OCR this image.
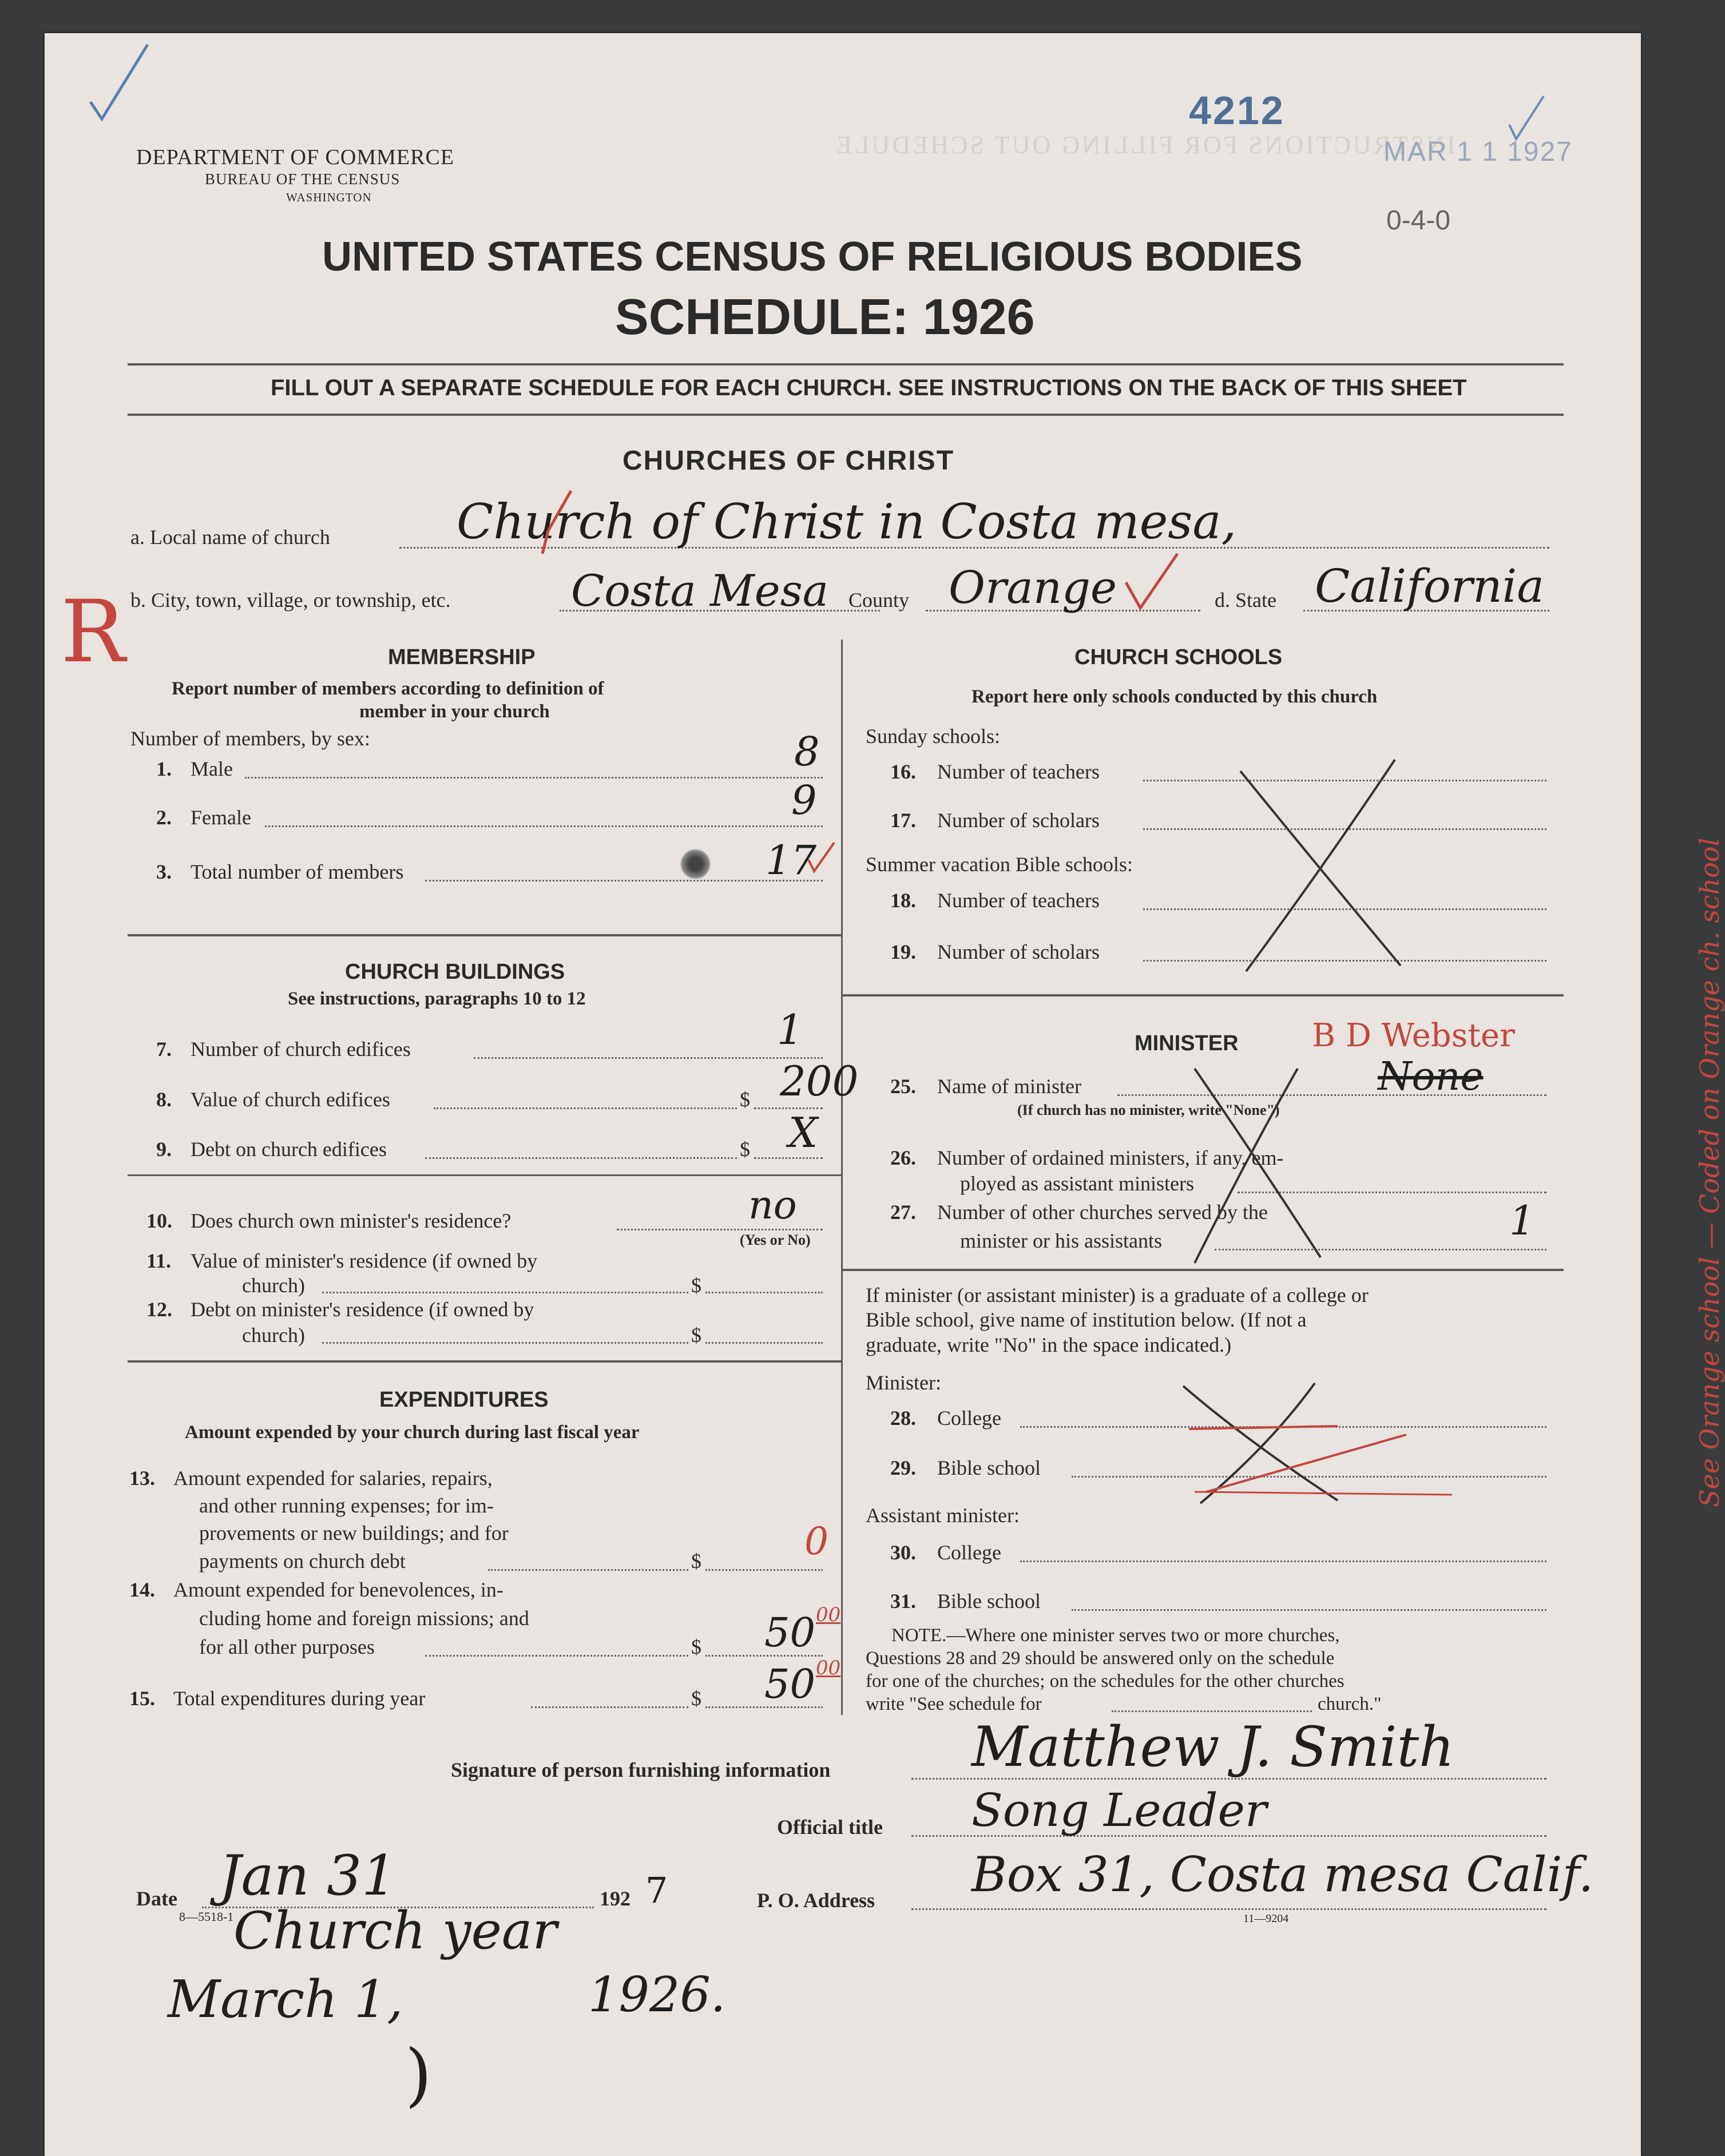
INSTRUCTIONS FOR FILLING OUT SCHEDULE
DEPARTMENT OF COMMERCE
BUREAU OF THE CENSUS
WASHINGTON
4212
MAR 1 1 1927
0-4-0
UNITED STATES CENSUS OF RELIGIOUS BODIES
SCHEDULE: 1926
FILL OUT A SEPARATE SCHEDULE FOR EACH CHURCH. SEE INSTRUCTIONS ON THE BACK OF THIS SHEET
CHURCHES OF CHRIST
a. Local name of church	Church of Christ in Costa mesa,
R b. City, town, village, or township, etc.	Costa Mesa County Orange	d. State California
MEMBERSHIP
Report number of members according to definition of
member in your church
Number of members, by sex:
1. Male	8
2. Female	9
3. Total number of members	17
CHURCH BUILDINGS
See instructions, paragraphs 10 to 12
7. Number of church edifices	1
8. Value of church edifices	$ 200
9. Debt on church edifices	$ X
10. Does church own minister's residence?	no
(Yes or No)
11. Value of minister's residence (if owned by
church)	$
12. Debt on minister's residence (if owned by
church)	$
EXPENDITURES
Amount expended by your church during last fiscal year
13. Amount expended for salaries, repairs,
and other running expenses; for im-
provements or new buildings; and for
payments on church debt	$	0
14. Amount expended for benevolences, in-
cluding home and foreign missions; and
for all other purposes	$ 50 00
15. Total expenditures during year	$ 50 00
CHURCH SCHOOLS
Report here only schools conducted by this church
Sunday schools:
16. Number of teachers
17. Number of scholars
Summer vacation Bible schools:
18. Number of teachers
19. Number of scholars
MINISTER B D Webster
25. Name of minister	None
(If church has no minister, write "None")
26. Number of ordained ministers, if any, em-
ployed as assistant ministers
27. Number of other churches served by the
minister or his assistants	1
If minister (or assistant minister) is a graduate of a college or
Bible school, give name of institution below. (If not a
graduate, write "No" in the space indicated.)
Minister:
28. College
29. Bible school
Assistant minister:
30. College
31. Bible school
NOTE.—Where one minister serves two or more churches,
Questions 28 and 29 should be answered only on the schedule
for one of the churches; on the schedules for the other churches
write "See schedule for	church."
See Orange school — Coded on Orange ch. school
Signature of person furnishing information	Matthew J. Smith
Official title Song Leader
Date Jan 31	192 7
8—5518-1
P. O. Address Box 31, Costa mesa Calif.
11—9204
Church year
March 1,	1926.
)
